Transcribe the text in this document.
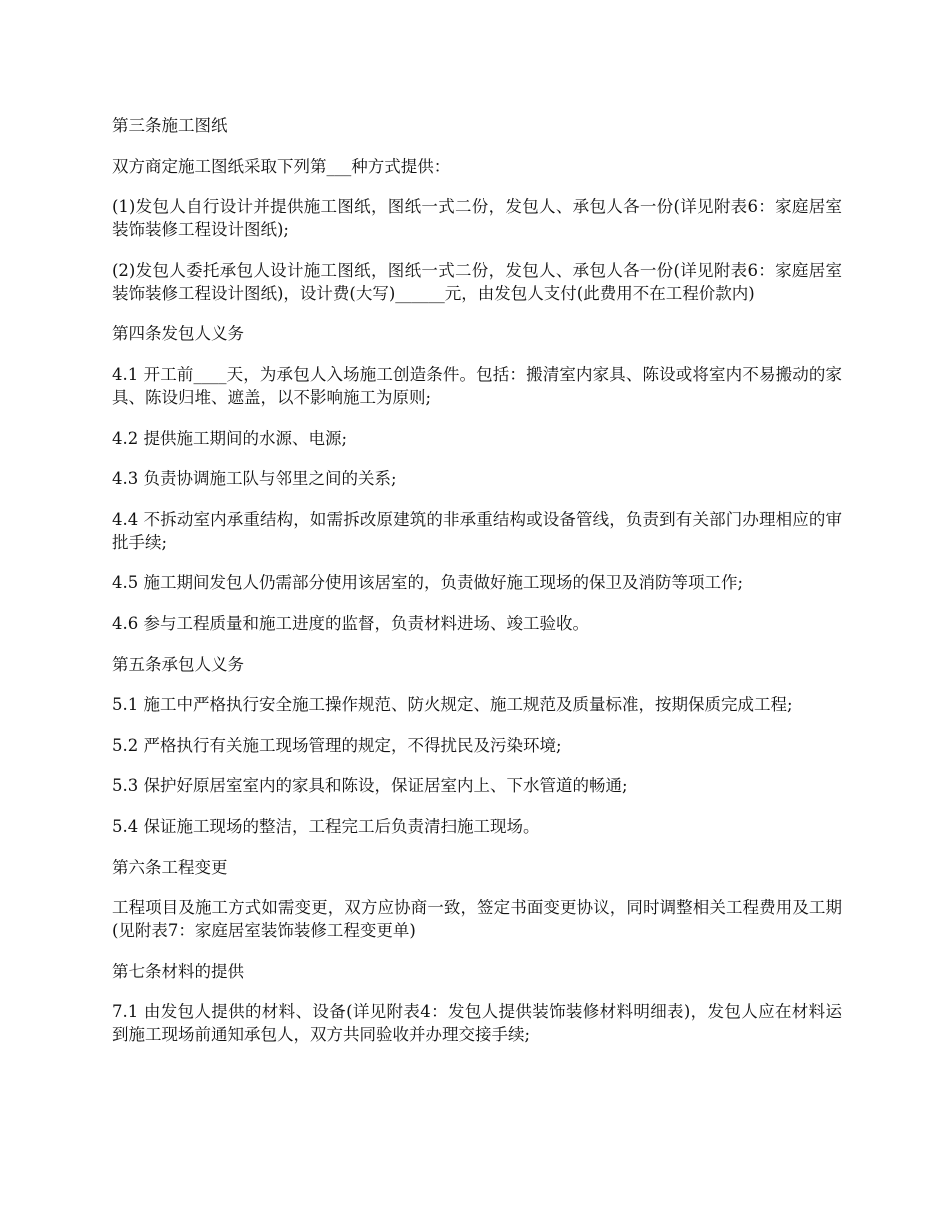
第三条施工图纸

双方商定施工图纸采取下列第___种方式提供：

(1)发包人自行设计并提供施工图纸，图纸一式二份，发包人、承包人各一份(详见附表6：家庭居室装饰装修工程设计图纸);

(2)发包人委托承包人设计施工图纸，图纸一式二份，发包人、承包人各一份(详见附表6：家庭居室装饰装修工程设计图纸)，设计费(大写)______元，由发包人支付(此费用不在工程价款内)

第四条发包人义务

4.1 开工前____天，为承包人入场施工创造条件。包括：搬清室内家具、陈设或将室内不易搬动的家具、陈设归堆、遮盖，以不影响施工为原则;

4.2 提供施工期间的水源、电源;

4.3 负责协调施工队与邻里之间的关系;

4.4 不拆动室内承重结构，如需拆改原建筑的非承重结构或设备管线，负责到有关部门办理相应的审批手续;

4.5 施工期间发包人仍需部分使用该居室的，负责做好施工现场的保卫及消防等项工作;

4.6 参与工程质量和施工进度的监督，负责材料进场、竣工验收。

第五条承包人义务

5.1 施工中严格执行安全施工操作规范、防火规定、施工规范及质量标准，按期保质完成工程;

5.2 严格执行有关施工现场管理的规定，不得扰民及污染环境;

5.3 保护好原居室室内的家具和陈设，保证居室内上、下水管道的畅通;

5.4 保证施工现场的整洁，工程完工后负责清扫施工现场。

第六条工程变更

工程项目及施工方式如需变更，双方应协商一致，签定书面变更协议，同时调整相关工程费用及工期(见附表7：家庭居室装饰装修工程变更单)

第七条材料的提供

7.1 由发包人提供的材料、设备(详见附表4：发包人提供装饰装修材料明细表)，发包人应在材料运到施工现场前通知承包人，双方共同验收并办理交接手续;
